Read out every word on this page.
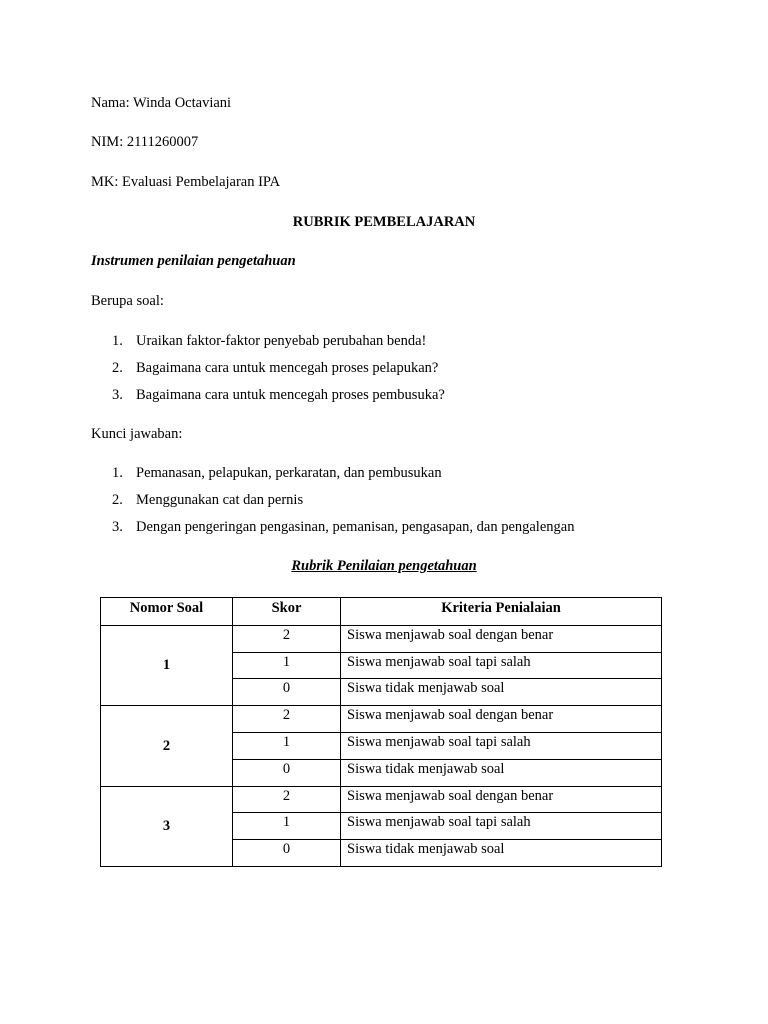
Nama: Winda Octaviani
NIM: 2111260007
MK: Evaluasi Pembelajaran IPA
RUBRIK PEMBELAJARAN
Instrumen penilaian pengetahuan
Berupa soal:
1. Uraikan faktor-faktor penyebab perubahan benda!
2. Bagaimana cara untuk mencegah proses pelapukan?
3. Bagaimana cara untuk mencegah proses pembusuka?
Kunci jawaban:
1. Pemanasan, pelapukan, perkaratan, dan pembusukan
2. Menggunakan cat dan pernis
3. Dengan pengeringan pengasinan, pemanisan, pengasapan, dan pengalengan
Rubrik Penilaian pengetahuan
Nomor Soal	Skor	Kriteria Penialaian
1	2	Siswa menjawab soal dengan benar
	1	Siswa menjawab soal tapi salah
	0	Siswa tidak menjawab soal
2	2	Siswa menjawab soal dengan benar
	1	Siswa menjawab soal tapi salah
	0	Siswa tidak menjawab soal
3	2	Siswa menjawab soal dengan benar
	1	Siswa menjawab soal tapi salah
	0	Siswa tidak menjawab soal
